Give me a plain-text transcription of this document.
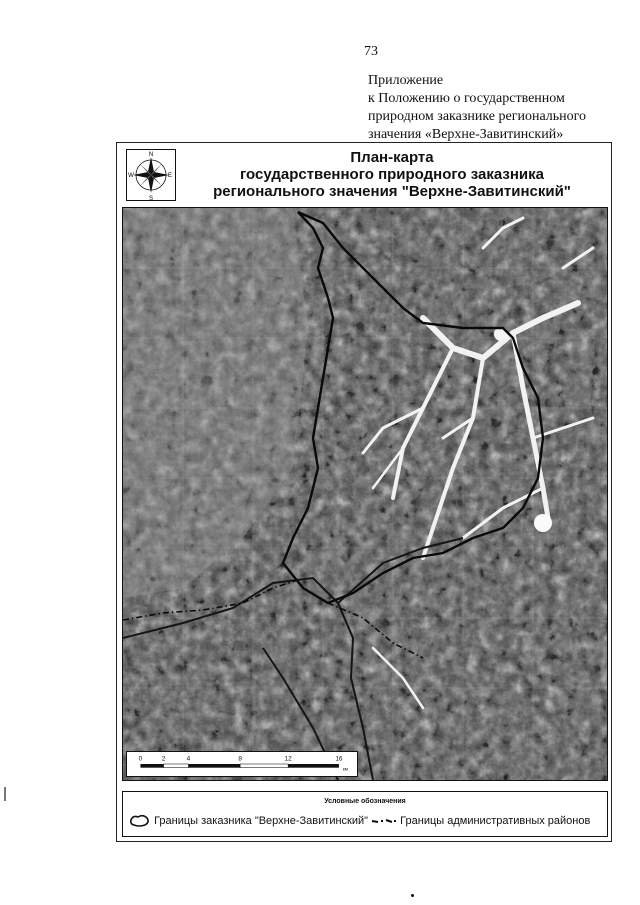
73
Приложение
к Положению о государственном
природном заказнике регионального
значения «Верхне-Завитинский»
N
S
E
W
План-карта
государственного природного заказника
регионального значения "Верхне-Завитинский"
0	2	4	8	12	16
км
Условные обозначения
Границы заказника "Верхне-Завитинский"	Границы административных районов
